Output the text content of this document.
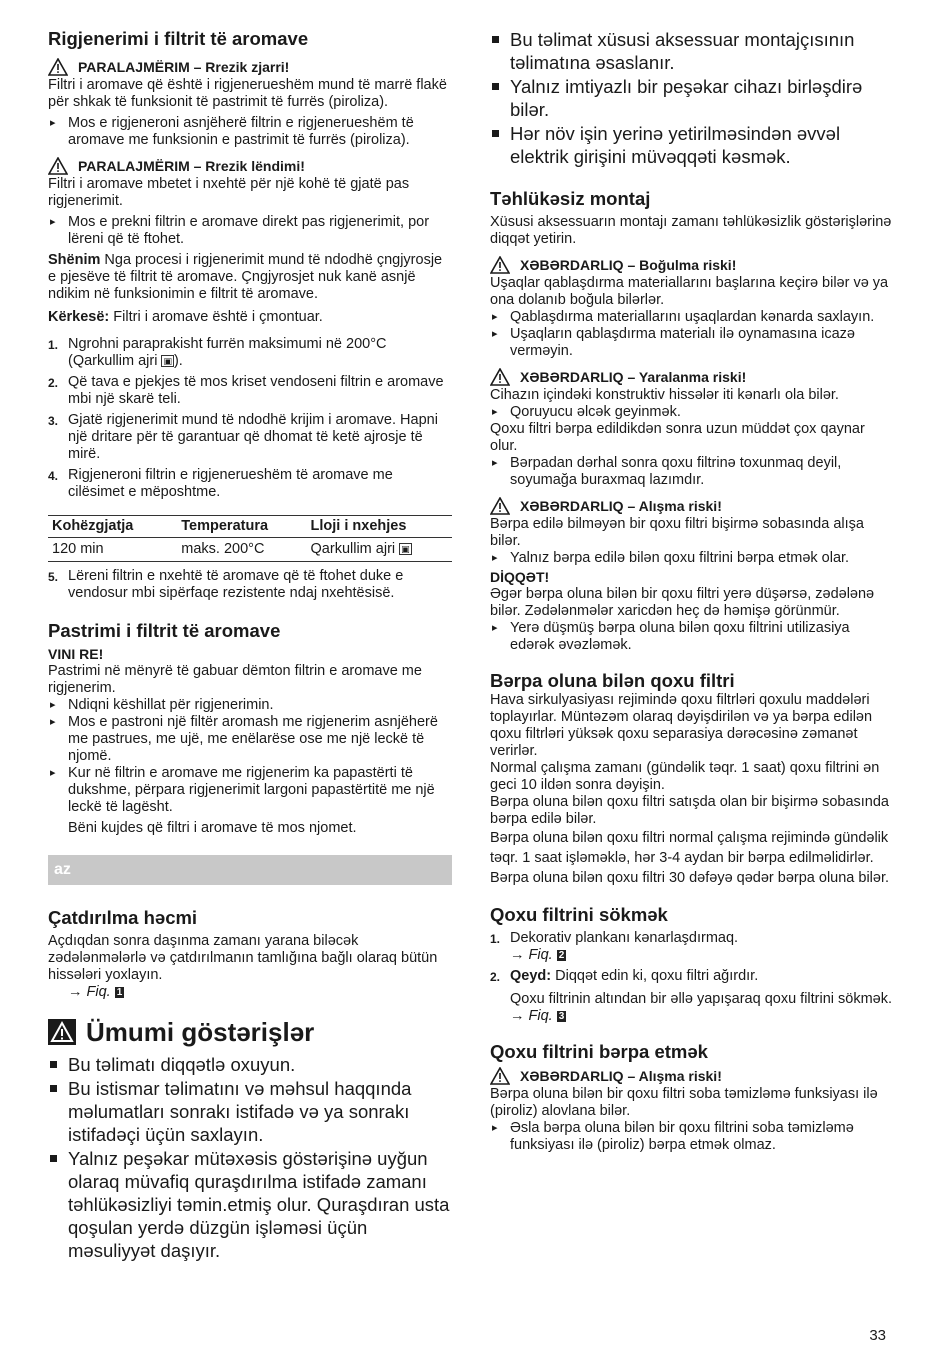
Rigjenerimi i filtrit të aromave
PARALAJMËRIM – Rrezik zjarri!

Filtri i aromave që është i rigjenerueshëm mund të marrë flakë për shkak të funksionit të pastrimit të furrës (piroliza).

▸ Mos e rigjeneroni asnjëherë filtrin e rigjenerueshëm të aromave me funksionin e pastrimit të furrës (piroliza).
PARALAJMËRIM – Rrezik lëndimi!

Filtri i aromave mbetet i nxehtë për një kohë të gjatë pas rigjenerimit.

▸ Mos e prekni filtrin e aromave direkt pas rigjenerimit, por lëreni që të ftohet.

Shënim Nga procesi i rigjenerimit mund të ndodhë çngjyrosje e pjesëve të filtrit të aromave. Çngjyrosjet nuk kanë asnjë ndikim në funksionimin e filtrit të aromave.

Kërkesë: Filtri i aromave është i çmontuar.

1. Ngrohni paraprakisht furrën maksimumi në 200°C (Qarkullim ajri ▣ ).
2. Që tava e pjekjes të mos kriset vendoseni filtrin e aromave mbi një skarë teli.
3. Gjatë rigjenerimit mund të ndodhë krijim i aromave. Hapni një dritare për të garantuar që dhomat të ketë ajrosje të mirë.
4. Rigjeneroni filtrin e rigjenerueshëm të aromave me cilësimet e mëposhtme.
Kohëzgjatja	Temperatura	Lloji i nxehjes
120 min	maks. 200°C	Qarkullim ajri ▣
5. Lëreni filtrin e nxehtë të aromave që të ftohet duke e vendosur mbi sipërfaqe rezistente ndaj nxehtësisë.
Pastrimi i filtrit të aromave
VINI RE!

Pastrimi në mënyrë të gabuar dëmton filtrin e aromave me rigjenerim.

▸ Ndiqni këshillat për rigjenerimin.
▸ Mos e pastroni një filtër aromash me rigjenerim asnjëherë me pastrues, me ujë, me enëlarëse ose me një leckë të njomë.
▸ Kur në filtrin e aromave me rigjenerim ka papastërti të dukshme, përpara rigjenerimit largoni papastërtitë me një leckë të lagësht.

Bëni kujdes që filtri i aromave të mos njomet.

az
Çatdırılma həcmi

Açdıqdan sonra daşınma zamanı yarana biləcək zədələnmələrlə və çatdırılmanın tamlığına bağlı olaraq bütün hissələri yoxlayın.

→ Fiq. 1
Ümumi göstərişlər
Bu təlimatı diqqətlə oxuyun.
Bu istismar təlimatını və məhsul haqqında məlumatları sonrakı istifadə və ya sonrakı istifadəçi üçün saxlayın.
Yalnız peşəkar mütəxəsis göstərişinə uyğun olaraq müvafiq quraşdırılma istifadə zamanı təhlükəsizliyi təmin.etmiş olur. Quraşdıran usta qoşulan yerdə düzgün işləməsi üçün məsuliyyət daşıyır.
Bu təlimat xüsusi aksessuar montajçısının təlimatına əsaslanır.
Yalnız imtiyazlı bir peşəkar cihazı birləşdirə bilər.
Hər növ işin yerinə yetirilməsindən əvvəl elektrik girişini müvəqqəti kəsmək.
Təhlükəsiz montaj

Xüsusi aksessuarın montajı zamanı təhlükəsizlik göstərişlərinə diqqət yetirin.

XƏBƏRDARLIQ – Boğulma riski!

Uşaqlar qablaşdırma materiallarını başlarına keçirə bilər və ya ona dolanıb boğula bilərlər.

▸ Qablaşdırma materiallarını uşaqlardan kənarda saxlayın.
▸ Uşaqların qablaşdırma materialı ilə oynamasına icazə verməyin.
XƏBƏRDARLIQ – Yaralanma riski!

Cihazın içindəki konstruktiv hissələr iti kənarlı ola bilər.

▸ Qoruyucu əlcək geyinmək.

Qoxu filtri bərpa edildikdən sonra uzun müddət çox qaynar olur.

▸ Bərpadan dərhal sonra qoxu filtrinə toxunmaq deyil, soyumağa buraxmaq lazımdır.
XƏBƏRDARLIQ – Alışma riski!

Bərpa edilə bilməyən bir qoxu filtri bişirmə sobasında alışa bilər.

▸ Yalnız bərpa edilə bilən qoxu filtrini bərpa etmək olar.
DİQQƏT!

Əgər bərpa oluna bilən bir qoxu filtri yerə düşərsə, zədələnə bilər. Zədələnmələr xaricdən heç də həmişə görünmür.

▸ Yerə düşmüş bərpa oluna bilən qoxu filtrini utilizasiya edərək əvəzləmək.
Bərpa oluna bilən qoxu filtri

Hava sirkulyasiyası rejimində qoxu filtrləri qoxulu maddələri toplayırlar. Müntəzəm olaraq dəyişdirilən və ya bərpa edilən qoxu filtrləri yüksək qoxu separasiya dərəcəsinə zəmanət verirlər.

Normal çalışma zamanı (gündəlik təqr. 1 saat) qoxu filtrini ən geci 10 ildən sonra dəyişin.

Bərpa oluna bilən qoxu filtri satışda olan bir bişirmə sobasında bərpa edilə bilər.

Bərpa oluna bilən qoxu filtri normal çalışma rejimində gündəlik təqr. 1 saat işləməklə, hər 3-4 aydan bir bərpa edilməlidirlər. Bərpa oluna bilən qoxu filtri 30 dəfəyə qədər bərpa oluna bilər.

Qoxu filtrini sökmək
1. Dekorativ plankanı kənarlaşdırmaq.
→ Fiq. 2
2. Qeyd: Diqqət edin ki, qoxu filtri ağırdır.
Qoxu filtrinin altından bir əllə yapışaraq qoxu filtrini sökmək.
→ Fiq. 3
Qoxu filtrini bərpa etmək
XƏBƏRDARLIQ – Alışma riski!

Bərpa oluna bilən bir qoxu filtri soba təmizləmə funksiyası ilə (piroliz) alovlana bilər.

▸ Əsla bərpa oluna bilən bir qoxu filtrini soba təmizləmə funksiyası ilə (piroliz) bərpa etmək olmaz.
33
